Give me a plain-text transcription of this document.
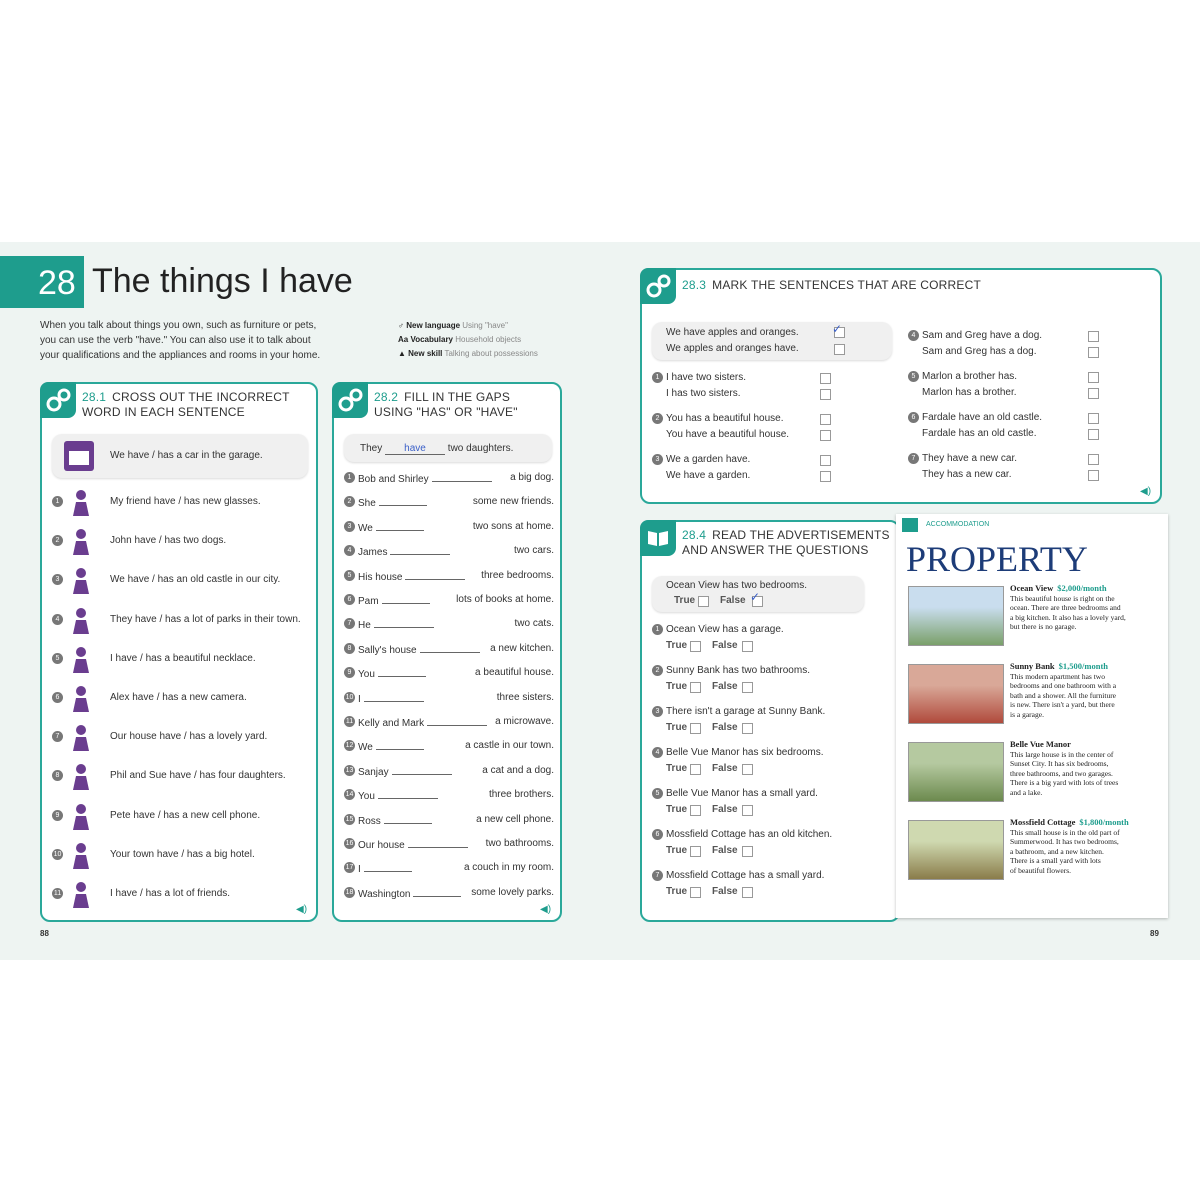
28 The things I have
When you talk about things you own, such as furniture or pets,
you can use the verb "have." You can also use it to talk about
your qualifications and the appliances and rooms in your home.
♂ New language Using "have"
Aa Vocabulary Household objects
▲ New skill Talking about possessions
28.1 CROSS OUT THE INCORRECT
WORD IN EACH SENTENCE
We have / has a car in the garage.
1	My friend have / has new glasses.
2	John have / has two dogs.
3	We have / has an old castle in our city.
4	They have / has a lot of parks in their town.
5	I have / has a beautiful necklace.
6	Alex have / has a new camera.
7	Our house have / has a lovely yard.
8	Phil and Sue have / has four daughters.
9	Pete have / has a new cell phone.
10	Your town have / has a big hotel.
11	I have / has a lot of friends.
◀)
28.2 FILL IN THE GAPS
USING "HAS" OR "HAVE"
They have two daughters.
1 Bob and Shirley	a big dog.
2 She	some new friends.
3 We	two sons at home.
4 James	two cars.
5 His house	three bedrooms.
6 Pam	lots of books at home.
7 He	two cats.
8 Sally's house	a new kitchen.
9 You	a beautiful house.
10 I	three sisters.
11 Kelly and Mark	a microwave.
12 We	a castle in our town.
13 Sanjay	a cat and a dog.
14 You	three brothers.
15 Ross	a new cell phone.
16 Our house	two bathrooms.
17 I	a couch in my room.
18 Washington	some lovely parks.
◀)
88
28.3 MARK THE SENTENCES THAT ARE CORRECT
We have apples and oranges.
We apples and oranges have.
✓
1 I have two sisters.
I has two sisters.
2 You has a beautiful house.
You have a beautiful house.
3 We a garden have.
We have a garden.
4 Sam and Greg have a dog.
Sam and Greg has a dog.
5 Marlon a brother has.
Marlon has a brother.
6 Fardale have an old castle.
Fardale has an old castle.
7 They have a new car.
They has a new car.
◀)
28.4 READ THE ADVERTISEMENTS
AND ANSWER THE QUESTIONS
Ocean View has two bedrooms.
True False ✓
1 Ocean View has a garage.
True False
2 Sunny Bank has two bathrooms.
True False
3 There isn't a garage at Sunny Bank.
True False
4 Belle Vue Manor has six bedrooms.
True False
5 Belle Vue Manor has a small yard.
True False
6 Mossfield Cottage has an old kitchen.
True False
7 Mossfield Cottage has a small yard.
True False
ACCOMMODATION
PROPERTY
Ocean View $2,000/month
This beautiful house is right on the
ocean. There are three bedrooms and
a big kitchen. It also has a lovely yard,
but there is no garage.
Sunny Bank $1,500/month
This modern apartment has two
bedrooms and one bathroom with a
bath and a shower. All the furniture
is new. There isn't a yard, but there
is a garage.
Belle Vue Manor
This large house is in the center of
Sunset City. It has six bedrooms,
three bathrooms, and two garages.
There is a big yard with lots of trees
and a lake.
Mossfield Cottage $1,800/month
This small house is in the old part of
Summerwood. It has two bedrooms,
a bathroom, and a new kitchen.
There is a small yard with lots
of beautiful flowers.
89
